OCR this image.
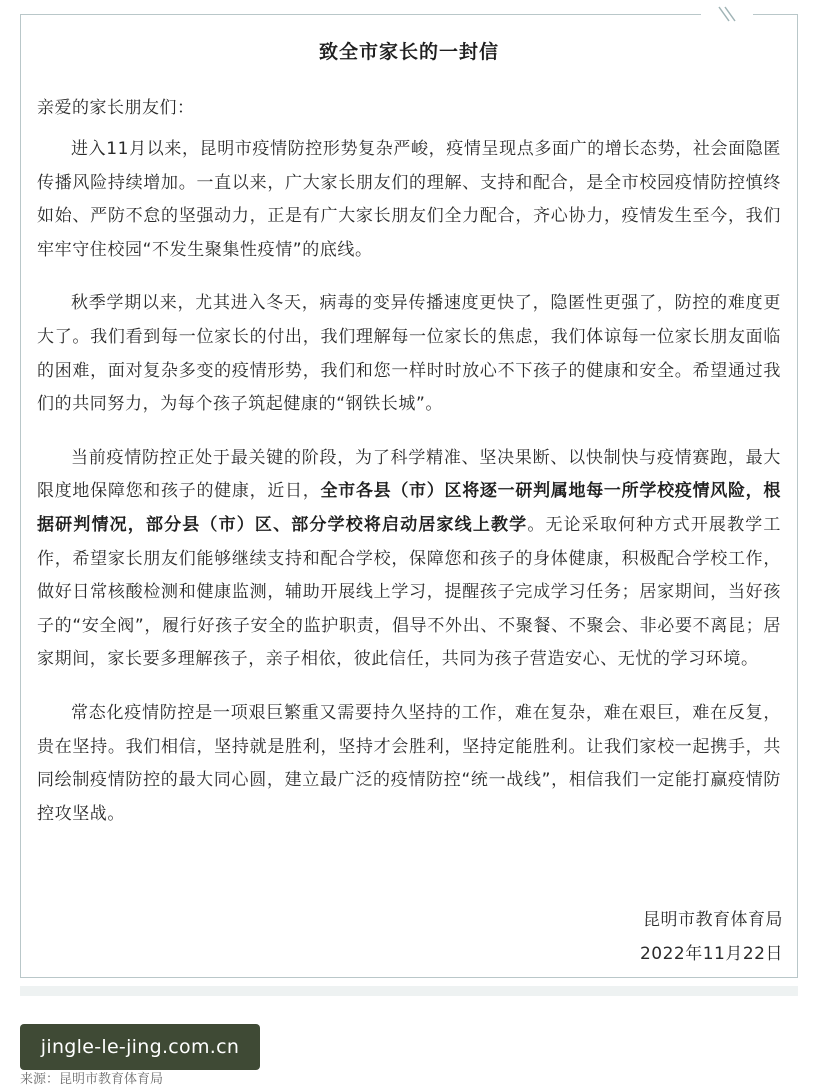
致全市家长的一封信
亲爱的家长朋友们：

进入11月以来，昆明市疫情防控形势复杂严峻，疫情呈现点多面广的增长态势，社会面隐匿传播风险持续增加。一直以来，广大家长朋友们的理解、支持和配合，是全市校园疫情防控慎终如始、严防不怠的坚强动力，正是有广大家长朋友们全力配合，齐心协力，疫情发生至今，我们牢牢守住校园“不发生聚集性疫情”的底线。

秋季学期以来，尤其进入冬天，病毒的变异传播速度更快了，隐匿性更强了，防控的难度更大了。我们看到每一位家长的付出，我们理解每一位家长的焦虑，我们体谅每一位家长朋友面临的困难，面对复杂多变的疫情形势，我们和您一样时时放心不下孩子的健康和安全。希望通过我们的共同努力，为每个孩子筑起健康的“钢铁长城”。

当前疫情防控正处于最关键的阶段，为了科学精准、坚决果断、以快制快与疫情赛跑，最大限度地保障您和孩子的健康，近日，全市各县（市）区将逐一研判属地每一所学校疫情风险，根据研判情况，部分县（市）区、部分学校将启动居家线上教学。无论采取何种方式开展教学工作，希望家长朋友们能够继续支持和配合学校，保障您和孩子的身体健康，积极配合学校工作，做好日常核酸检测和健康监测，辅助开展线上学习，提醒孩子完成学习任务；居家期间，当好孩子的“安全阀”，履行好孩子安全的监护职责，倡导不外出、不聚餐、不聚会、非必要不离昆；居家期间，家长要多理解孩子，亲子相依，彼此信任，共同为孩子营造安心、无忧的学习环境。

常态化疫情防控是一项艰巨繁重又需要持久坚持的工作，难在复杂，难在艰巨，难在反复，贵在坚持。我们相信，坚持就是胜利，坚持才会胜利，坚持定能胜利。让我们家校一起携手，共同绘制疫情防控的最大同心圆，建立最广泛的疫情防控“统一战线”，相信我们一定能打赢疫情防控攻坚战。

昆明市教育体育局
2022年11月22日
jingle-le-jing.com.cn
来源：昆明市教育体育局
